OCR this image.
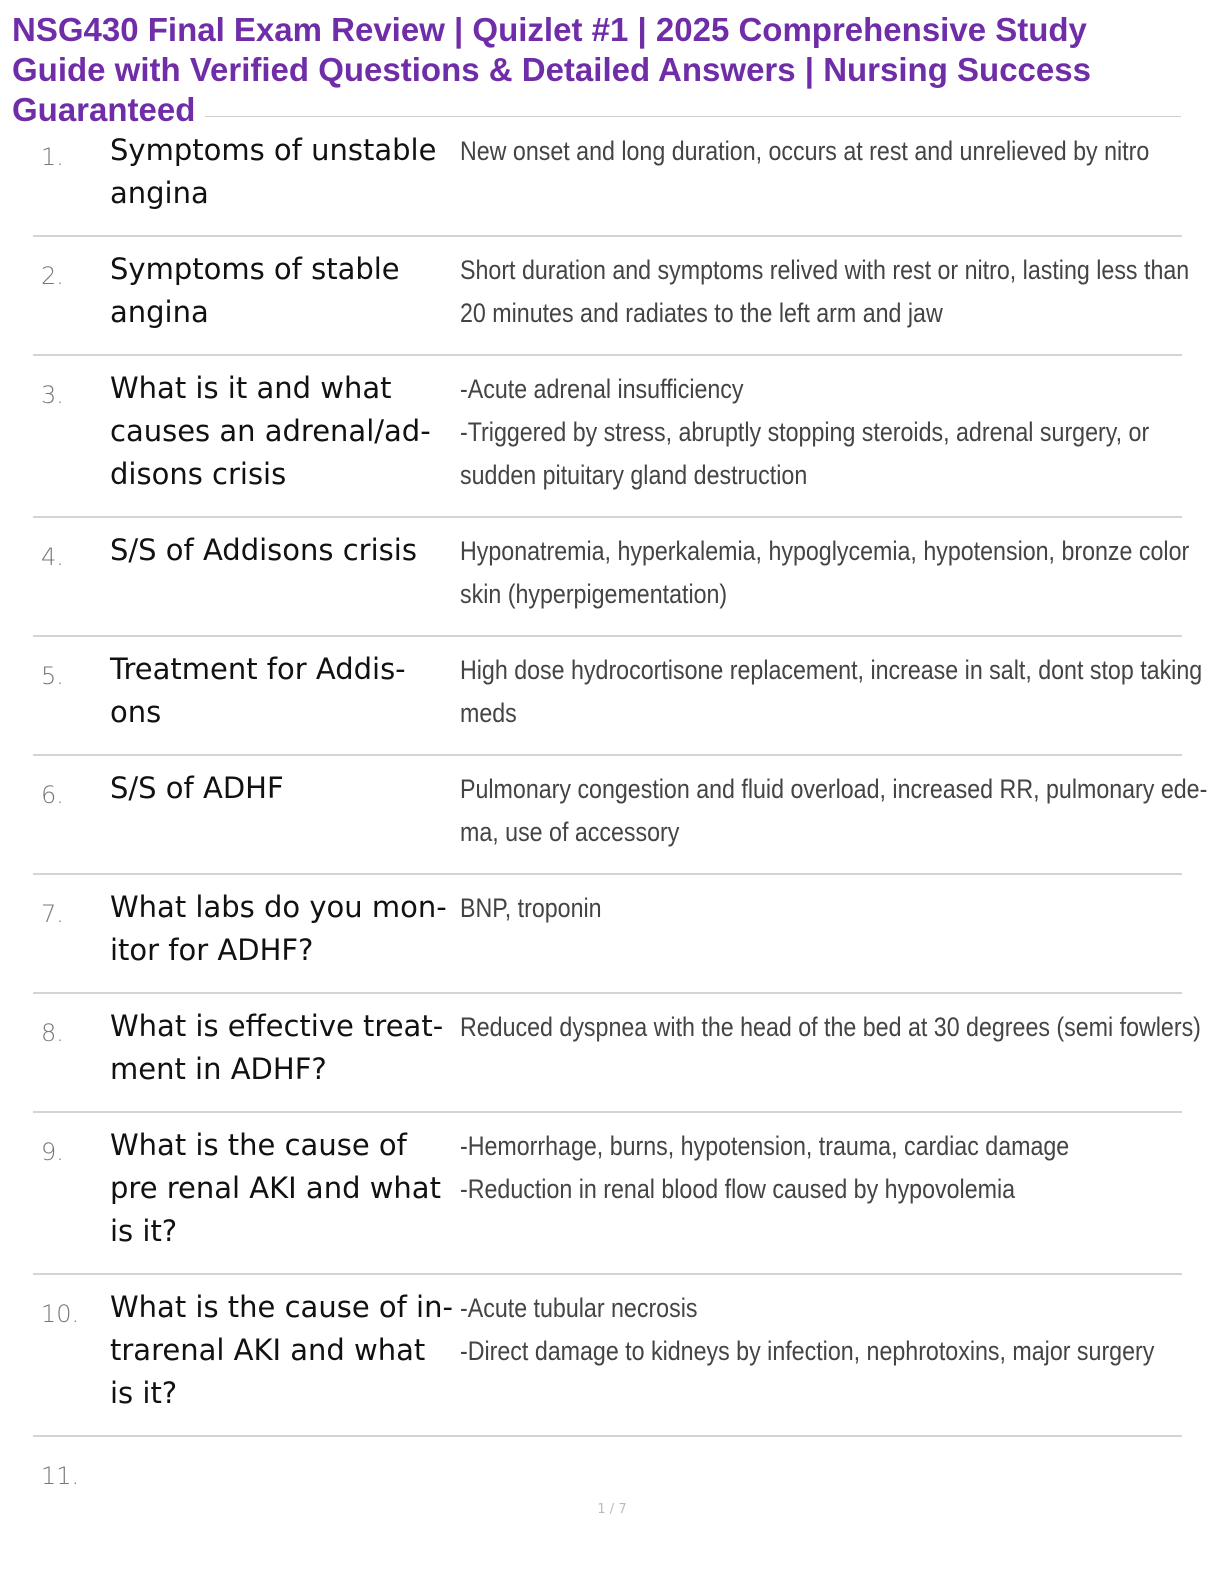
NSG430 Final Exam Review | Quizlet #1 | 2025 Comprehensive Study
Guide with Verified Questions & Detailed Answers | Nursing Success
Guaranteed
1. Symptoms of unstable
angina
New onset and long duration, occurs at rest and unrelieved by nitro
2. Symptoms of stable
angina
Short duration and symptoms relived with rest or nitro, lasting less than
20 minutes and radiates to the left arm and jaw
3. What is it and what
causes an adrenal/ad-
disons crisis
-Acute adrenal insufficiency
-Triggered by stress, abruptly stopping steroids, adrenal surgery, or
sudden pituitary gland destruction
4. S/S of Addisons crisis	Hyponatremia, hyperkalemia, hypoglycemia, hypotension, bronze color
skin (hyperpigementation)
5. Treatment for Addis-
ons
High dose hydrocortisone replacement, increase in salt, dont stop taking
meds
6. S/S of ADHF	Pulmonary congestion and fluid overload, increased RR, pulmonary ede-
ma, use of accessory
7. What labs do you mon-
itor for ADHF?
BNP, troponin
8. What is effective treat-
ment in ADHF?
Reduced dyspnea with the head of the bed at 30 degrees (semi fowlers)
9. What is the cause of
pre renal AKI and what
is it?
-Hemorrhage, burns, hypotension, trauma, cardiac damage
-Reduction in renal blood flow caused by hypovolemia
10. What is the cause of in-
trarenal AKI and what
is it?
-Acute tubular necrosis
-Direct damage to kidneys by infection, nephrotoxins, major surgery
11.
1 / 7
